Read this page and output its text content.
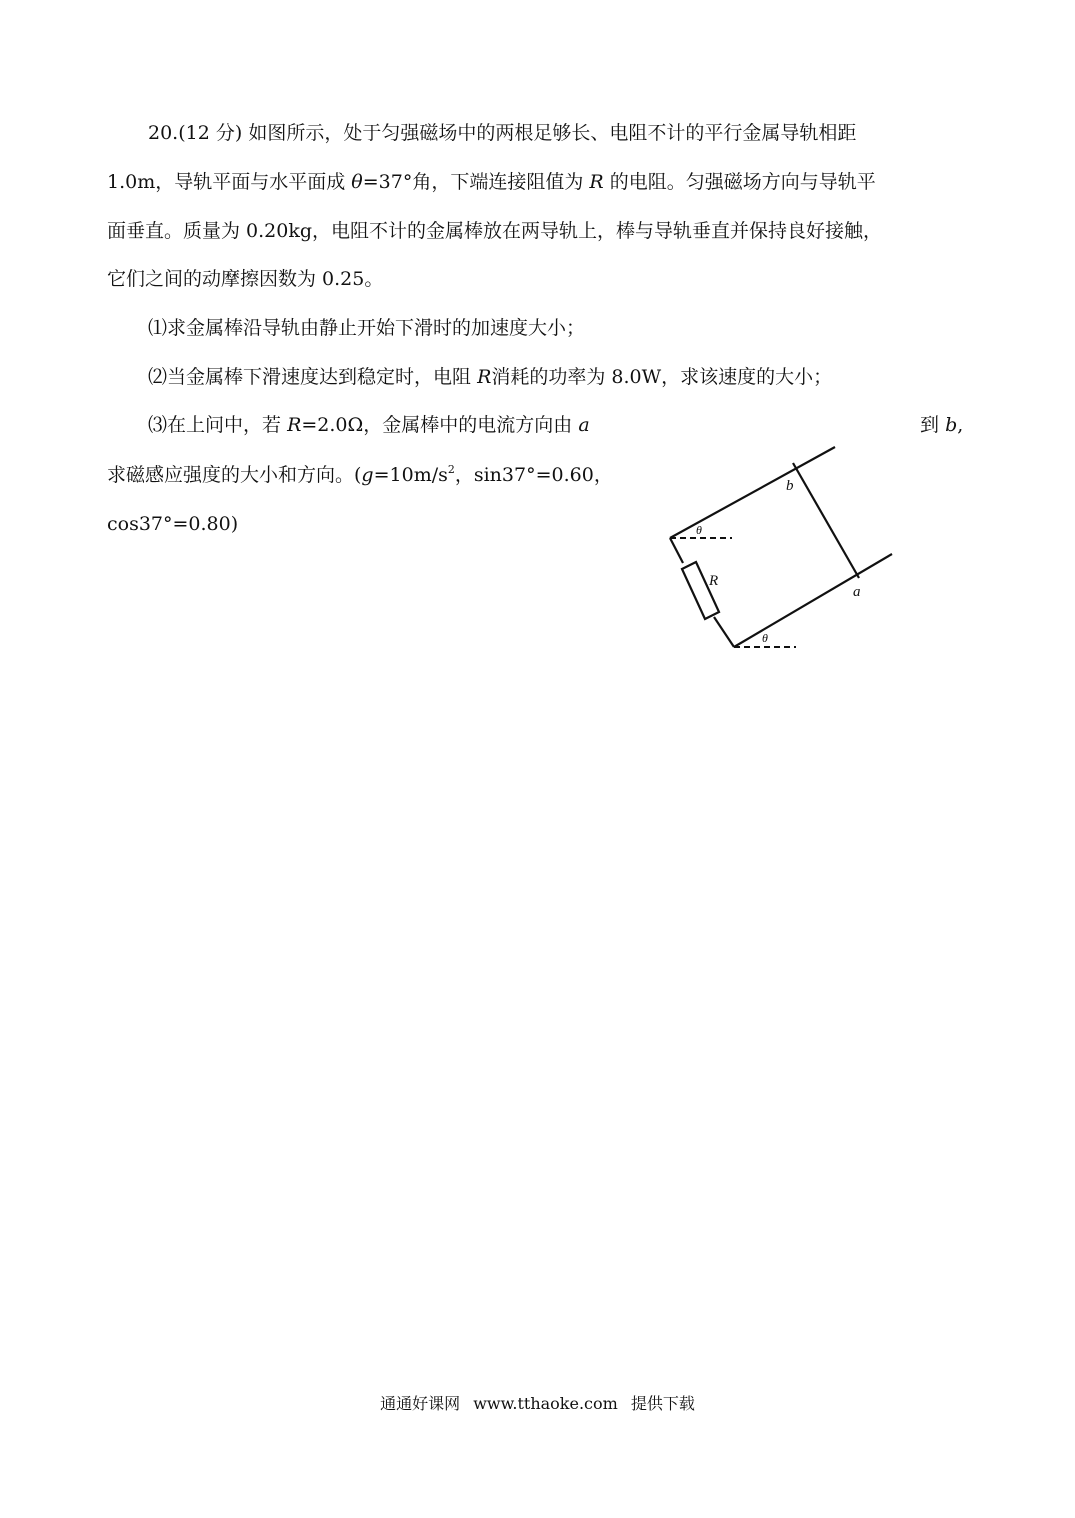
20.(12 分) 如图所示，处于匀强磁场中的两根足够长、电阻不计的平行金属导轨相距
1.0m，导轨平面与水平面成 θ=37°角，下端连接阻值为 R 的电阻。匀强磁场方向与导轨平
面垂直。质量为 0.20kg，电阻不计的金属棒放在两导轨上，棒与导轨垂直并保持良好接触，
它们之间的动摩擦因数为 0.25。
⑴求金属棒沿导轨由静止开始下滑时的加速度大小；
⑵当金属棒下滑速度达到稳定时，电阻 R消耗的功率为 8.0W，求该速度的大小；
⑶在上问中，若 R=2.0Ω，金属棒中的电流方向由 a	到 b,
求磁感应强度的大小和方向。($g=10m/s^2$，sin37°=0.60，
cos37°=0.80)
b
a
R
θ
θ
通通好课网 www.tthaoke.com 提供下载
